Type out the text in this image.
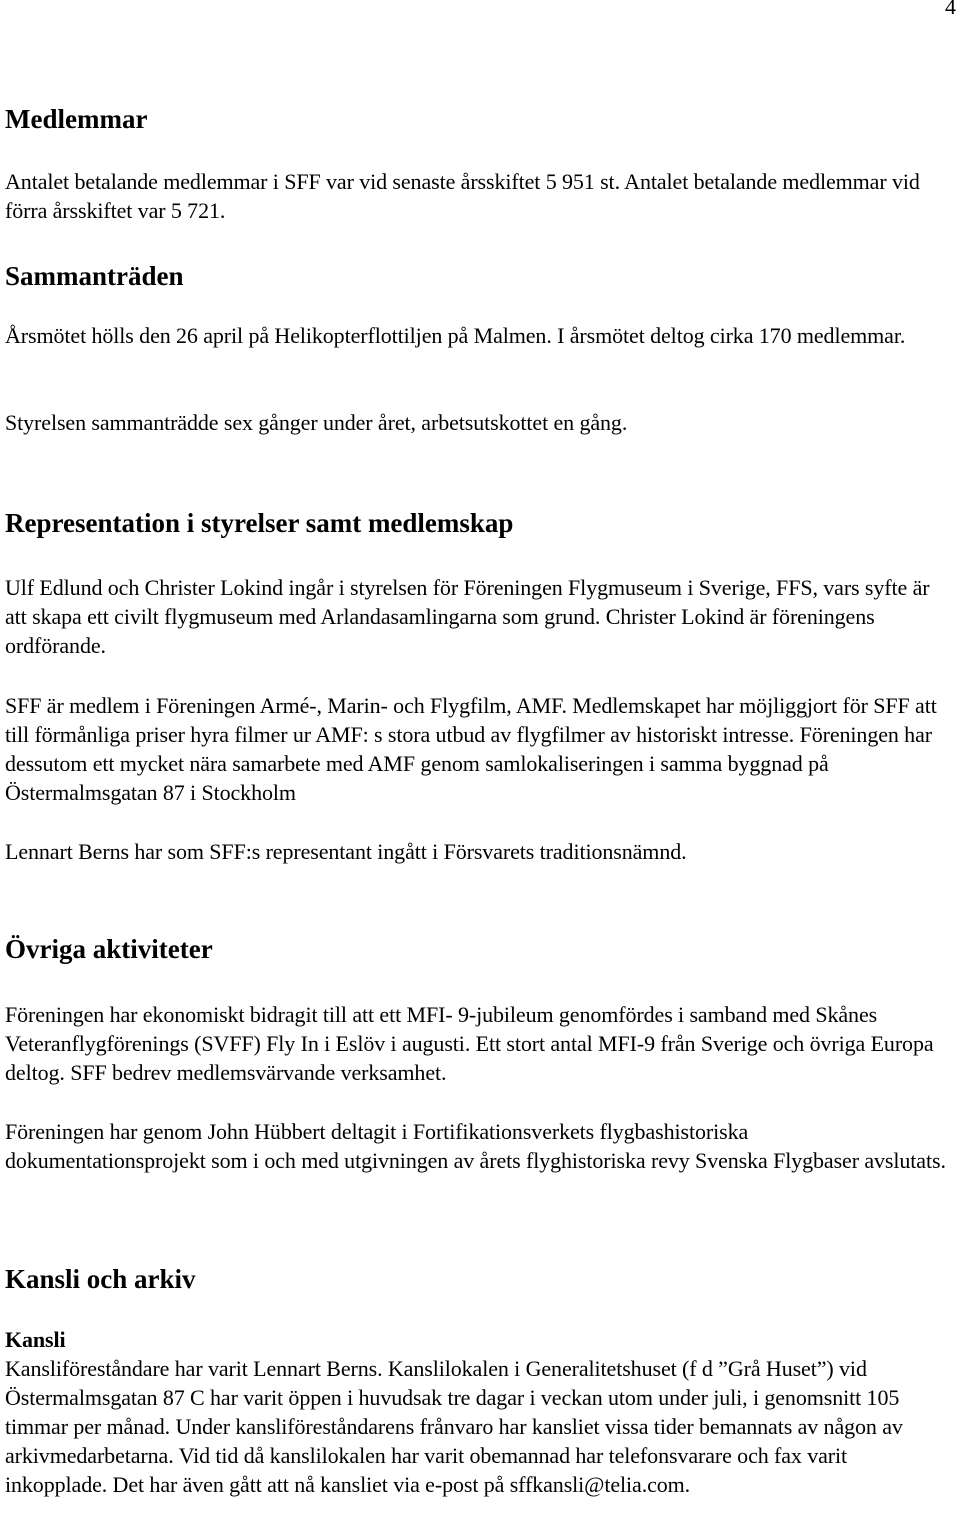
4
Medlemmar

Antalet betalande medlemmar i SFF var vid senaste årsskiftet 5 951 st. Antalet betalande medlemmar vid förra årsskiftet var 5 721.

Sammanträden

Årsmötet hölls den 26 april på Helikopterflottiljen på Malmen. I årsmötet deltog cirka 170 medlemmar.

Styrelsen sammanträdde sex gånger under året, arbetsutskottet en gång.

Representation i styrelser samt medlemskap

Ulf Edlund och Christer Lokind ingår i styrelsen för Föreningen Flygmuseum i Sverige, FFS, vars syfte är att skapa ett civilt flygmuseum med Arlandasamlingarna som grund. Christer Lokind är föreningens ordförande.

SFF är medlem i Föreningen Armé-, Marin- och Flygfilm, AMF. Medlemskapet har möjliggjort för SFF att till förmånliga priser hyra filmer ur AMF: s stora utbud av flygfilmer av historiskt intresse. Föreningen har dessutom ett mycket nära samarbete med AMF genom samlokaliseringen i samma byggnad på Östermalmsgatan 87 i Stockholm

Lennart Berns har som SFF:s representant ingått i Försvarets traditionsnämnd.

Övriga aktiviteter

Föreningen har ekonomiskt bidragit till att ett MFI- 9-jubileum genomfördes i samband med Skånes Veteranflygförenings (SVFF) Fly In i Eslöv i augusti. Ett stort antal MFI-9 från Sverige och övriga Europa deltog. SFF bedrev medlemsvärvande verksamhet.

Föreningen har genom John Hübbert deltagit i Fortifikationsverkets flygbashistoriska dokumentationsprojekt som i och med utgivningen av årets flyghistoriska revy Svenska Flygbaser avslutats.

Kansli och arkiv

Kansli

Kansliföreståndare har varit Lennart Berns. Kanslilokalen i Generalitetshuset (f d ”Grå Huset”) vid Östermalmsgatan 87 C har varit öppen i huvudsak tre dagar i veckan utom under juli, i genomsnitt 105 timmar per månad. Under kansliföreståndarens frånvaro har kansliet vissa tider bemannats av någon av arkivmedarbetarna. Vid tid då kanslilokalen har varit obemannad har telefonsvarare och fax varit inkopplade. Det har även gått att nå kansliet via e-post på sffkansli@telia.com.
